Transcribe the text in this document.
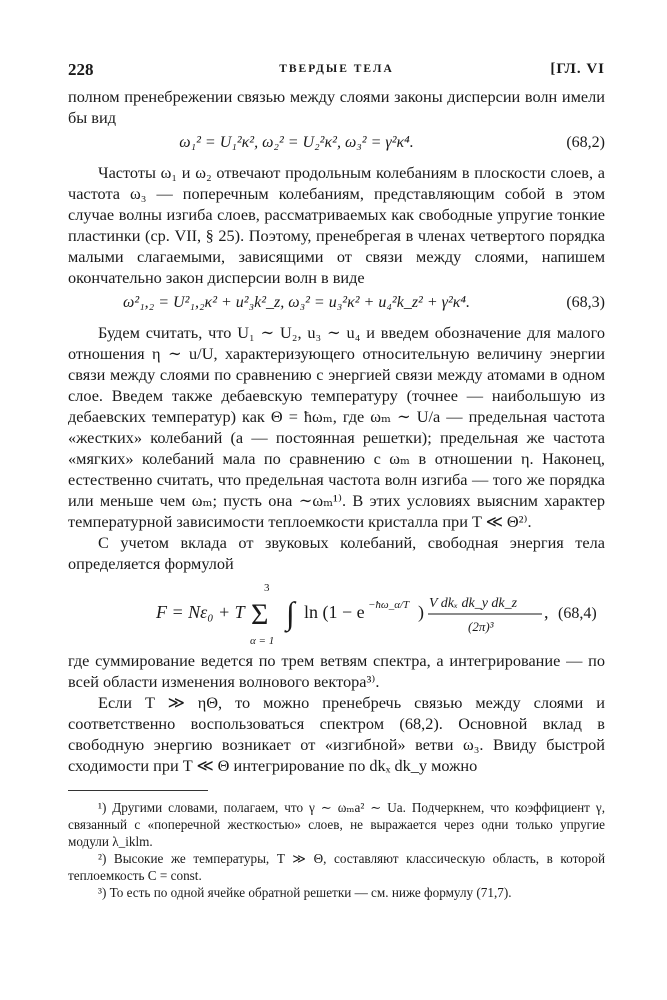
228	ТВЕРДЫЕ ТЕЛА	[ГЛ. VI

полном пренебрежении связью между слоями законы дисперсии волн имели бы вид

ω₁² = U₁²κ², ω₂² = U₂²κ², ω₃² = γ²κ⁴.	(68,2)

Частоты ω₁ и ω₂ отвечают продольным колебаниям в плоскости слоев, а частота ω₃ — поперечным колебаниям, представляющим собой в этом случае волны изгиба слоев, рассматриваемых как свободные упругие тонкие пластинки (ср. VII, § 25). Поэтому, пренебрегая в членах четвертого порядка малыми слагаемыми, зависящими от связи между слоями, напишем окончательно закон дисперсии волн в виде

ω²₁,₂ = U²₁,₂κ² + u²₃k²_z, ω₃² = u₃²κ² + u₄²k_z² + γ²κ⁴.	(68,3)

Будем считать, что U₁ ∼ U₂, u₃ ∼ u₄ и введем обозначение для малого отношения η ∼ u/U, характеризующего относительную величину энергии связи между слоями по сравнению с энергией связи между атомами в одном слое. Введем также дебаевскую температуру (точнее — наибольшую из дебаевских температур) как Θ = ħωₘ, где ωₘ ∼ U/a — предельная частота «жестких» колебаний (a — постоянная решетки); предельная же частота «мягких» колебаний мала по сравнению с ωₘ в отношении η. Наконец, естественно считать, что предельная частота волн изгиба — того же порядка или меньше чем ωₘ; пусть она ∼ωₘ¹⁾. В этих условиях выясним характер температурной зависимости теплоемкости кристалла при T ≪ Θ²⁾.

С учетом вклада от звуковых колебаний, свободная энергия тела определяется формулой

F = Nε₀ + T
3
Σ
α = 1
∫ ln (1 − e −ħω_α/T ) V dkₓ dk_y dk_z
(2π)³
, (68,4)

где суммирование ведется по трем ветвям спектра, а интегрирование — по всей области изменения волнового вектора³⁾.

Если T ≫ ηΘ, то можно пренебречь связью между слоями и соответственно воспользоваться спектром (68,2). Основной вклад в свободную энергию возникает от «изгибной» ветви ω₃. Ввиду быстрой сходимости при T ≪ Θ интегрирование по dkₓ dk_y можно

¹) Другими словами, полагаем, что γ ∼ ωₘa² ∼ Ua. Подчеркнем, что коэффициент γ, связанный с «поперечной жесткостью» слоев, не выражается через одни только упругие модули λ_iklm.

²) Высокие же температуры, T ≫ Θ, составляют классическую область, в которой теплоемкость C = const.

³) То есть по одной ячейке обратной решетки — см. ниже формулу (71,7).
